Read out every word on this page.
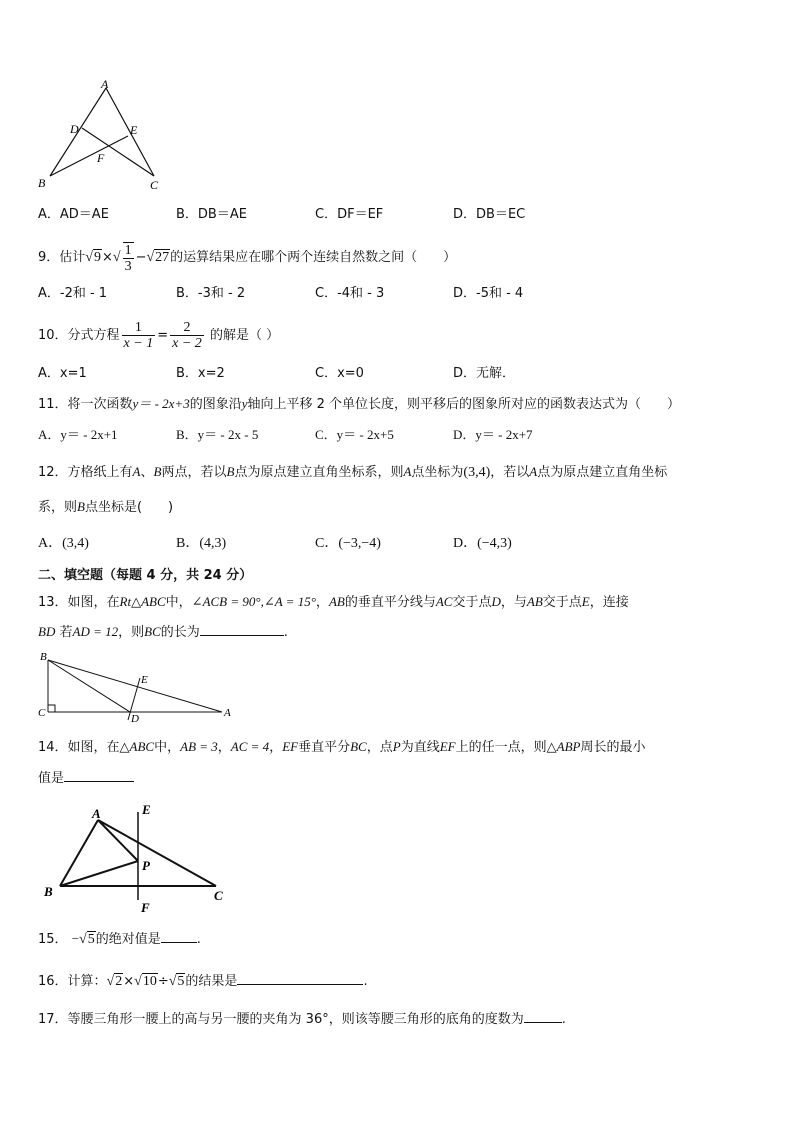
A
D	E
F
B	C
A．AD＝AE	B．DB＝AE	C．DF＝EF	D．DB＝EC
9．估计$√9\times√ \frac{1}{3} -√27$的运算结果应在哪个两个连续自然数之间（　　）
A．-2和 - 1	B．-3和 - 2	C．-4和 - 3	D．-5和 - 4
10．分式方程 $\frac{1}{x - 1} = \frac{2}{x - 2}$ 的解是（ ）
A．x=1	B．x=2	C．x=0	D．无解．
11．将一次函数y＝ - 2x+3的图象沿y轴向上平移 2 个单位长度，则平移后的图象所对应的函数表达式为（　　）
A．y＝ - 2x+1	B．y＝ - 2x - 5	C．y＝ - 2x+5	D．y＝ - 2x+7
12．方格纸上有A、B两点，若以B点为原点建立直角坐标系，则A点坐标为(3,4)，若以A点为原点建立直角坐标
系，则B点坐标是(　　)
A．(3,4)	B．(4,3)	C．(−3,−4)	D．(−4,3)
二、填空题（每题 4 分，共 24 分）
13．如图，在Rt△ABC中，∠ACB = 90°,∠A = 15°，AB的垂直平分线与AC交于点D，与AB交于点E，连接
BD 若AD = 12，则BC的长为	.
B
E
C	D	A
14．如图，在△ABC中，AB = 3，AC = 4，EF垂直平分BC，点P为直线EF上的任一点，则△ABP周长的最小
值是
A	E
P
B	C
F
15． −√5的绝对值是	.
16．计算：√2×√10÷√5的结果是	.
17．等腰三角形一腰上的高与另一腰的夹角为 36°，则该等腰三角形的底角的度数为	.
